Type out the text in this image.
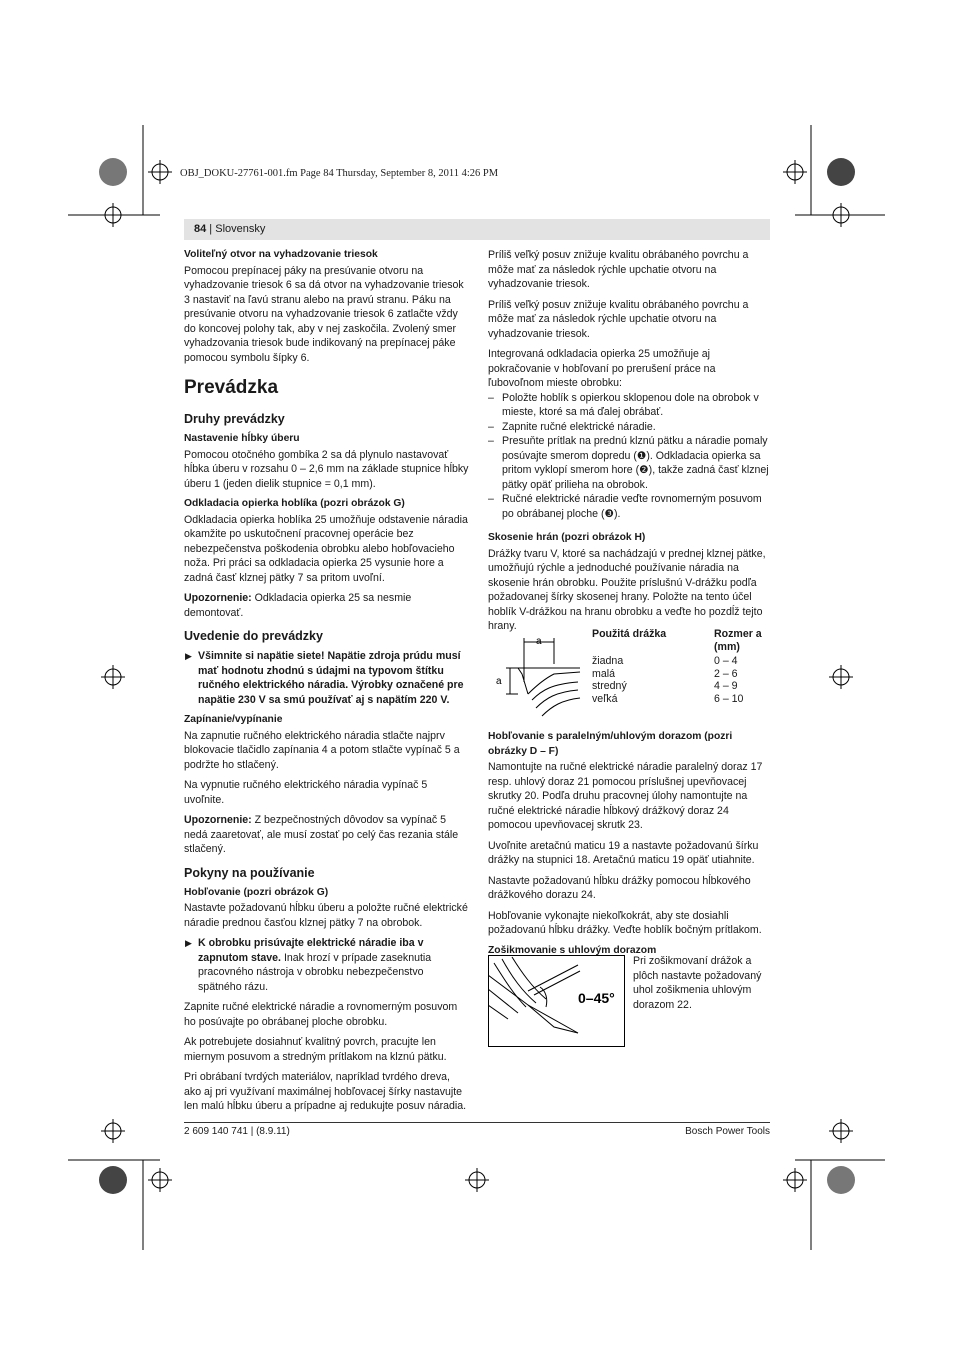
OBJ_DOKU-27761-001.fm Page 84 Thursday, September 8, 2011 4:26 PM
84 | Slovensky
Voliteľný otvor na vyhadzovanie triesok

Pomocou prepínacej páky na presúvanie otvoru na vyhadzovanie triesok 6 sa dá otvor na vyhadzovanie triesok 3 nastaviť na ľavú stranu alebo na pravú stranu. Páku na presúvanie otvoru na vyhadzovanie triesok 6 zatlačte vždy do koncovej polohy tak, aby v nej zaskočila. Zvolený smer vyhadzovania triesok bude indikovaný na prepínacej páke pomocou symbolu šípky 6.

Prevádzka
Druhy prevádzky
Nastavenie hĺbky úberu

Pomocou otočného gombíka 2 sa dá plynulo nastavovať hĺbka úberu v rozsahu 0 – 2,6 mm na základe stupnice hĺbky úberu 1 (jeden dielik stupnice = 0,1 mm).

Odkladacia opierka hoblíka (pozri obrázok G)

Odkladacia opierka hoblíka 25 umožňuje odstavenie náradia okamžite po uskutočnení pracovnej operácie bez nebezpečenstva poškodenia obrobku alebo hobľovacieho noža. Pri práci sa odkladacia opierka 25 vysunie hore a zadná časť klznej pätky 7 sa pritom uvoľní.

Upozornenie: Odkladacia opierka 25 sa nesmie demontovať.

Uvedenie do prevádzky

▶ Všimnite si napätie siete! Napätie zdroja prúdu musí mať hodnotu zhodnú s údajmi na typovom štítku ručného elektrického náradia. Výrobky označené pre napätie 230 V sa smú používať aj s napätím 220 V.

Zapínanie/vypínanie

Na zapnutie ručného elektrického náradia stlačte najprv blokovacie tlačidlo zapínania 4 a potom stlačte vypínač 5 a podržte ho stlačený.

Na vypnutie ručného elektrického náradia vypínač 5 uvoľnite.

Upozornenie: Z bezpečnostných dôvodov sa vypínač 5 nedá zaaretovať, ale musí zostať po celý čas rezania stále stlačený.

Pokyny na používanie
Hobľovanie (pozri obrázok G)

Nastavte požadovanú hĺbku úberu a položte ručné elektrické náradie prednou časťou klznej pätky 7 na obrobok.

▶ K obrobku prisúvajte elektrické náradie iba v zapnutom stave. Inak hrozí v prípade zaseknutia pracovného nástroja v obrobku nebezpečenstvo spätného rázu.

Zapnite ručné elektrické náradie a rovnomerným posuvom ho posúvajte po obrábanej ploche obrobku.

Ak potrebujete dosiahnuť kvalitný povrch, pracujte len miernym posuvom a stredným prítlakom na klznú pätku.

Pri obrábaní tvrdých materiálov, napríklad tvrdého dreva, ako aj pri využívaní maximálnej hobľovacej šírky nastavujte len malú hĺbku úberu a prípadne aj redukujte posuv náradia.

Príliš veľký posuv znižuje kvalitu obrábaného povrchu a môže mať za následok rýchle upchatie otvoru na vyhadzovanie triesok.

Príliš veľký posuv znižuje kvalitu obrábaného povrchu a môže mať za následok rýchle upchatie otvoru na vyhadzovanie triesok.

Integrovaná odkladacia opierka 25 umožňuje aj pokračovanie v hobľovaní po prerušení práce na ľubovoľnom mieste obrobku:

– Položte hoblík s opierkou sklopenou dole na obrobok v mieste, ktoré sa má ďalej obrábať.
– Zapnite ručné elektrické náradie.
– Presuňte prítlak na prednú klznú pätku a náradie pomaly posúvajte smerom dopredu (❶). Odkladacia opierka sa pritom vyklopí smerom hore (❷), takže zadná časť klznej pätky opäť prilieha na obrobok.
– Ručné elektrické náradie veďte rovnomerným posuvom po obrábanej ploche (❸).
Skosenie hrán (pozri obrázok H)

Drážky tvaru V, ktoré sa nachádzajú v prednej klznej pätke, umožňujú rýchle a jednoduché používanie náradia na skosenie hrán obrobku. Použite príslušnú V-drážku podľa požadovanej šírky skosenej hrany. Položte na tento účel hoblík V-drážkou na hranu obrobku a veďte ho pozdĺž tejto hrany.

a
a
Použitá drážka	Rozmer a (mm)
žiadna	0 – 4
malá	2 – 6
stredný	4 – 9
veľká	6 – 10
Hobľovanie s paralelným/uhlovým dorazom (pozri obrázky D – F)

Namontujte na ručné elektrické náradie paralelný doraz 17 resp. uhlový doraz 21 pomocou príslušnej upevňovacej skrutky 20. Podľa druhu pracovnej úlohy namontujte na ručné elektrické náradie hĺbkový drážkový doraz 24 pomocou upevňovacej skrutk 23.

Uvoľnite aretačnú maticu 19 a nastavte požadovanú šírku drážky na stupnici 18. Aretačnú maticu 19 opäť utiahnite.

Nastavte požadovanú hĺbku drážky pomocou hĺbkového drážkového dorazu 24.

Hobľovanie vykonajte niekoľkokrát, aby ste dosiahli požadovanú hĺbku drážky. Veďte hoblík bočným prítlakom.

Zošikmovanie s uhlovým dorazom
0–45°

Pri zošikmovaní drážok a plôch nastavte požadovaný uhol zošikmenia uhlovým dorazom 22.

2 609 140 741 | (8.9.11)	Bosch Power Tools
